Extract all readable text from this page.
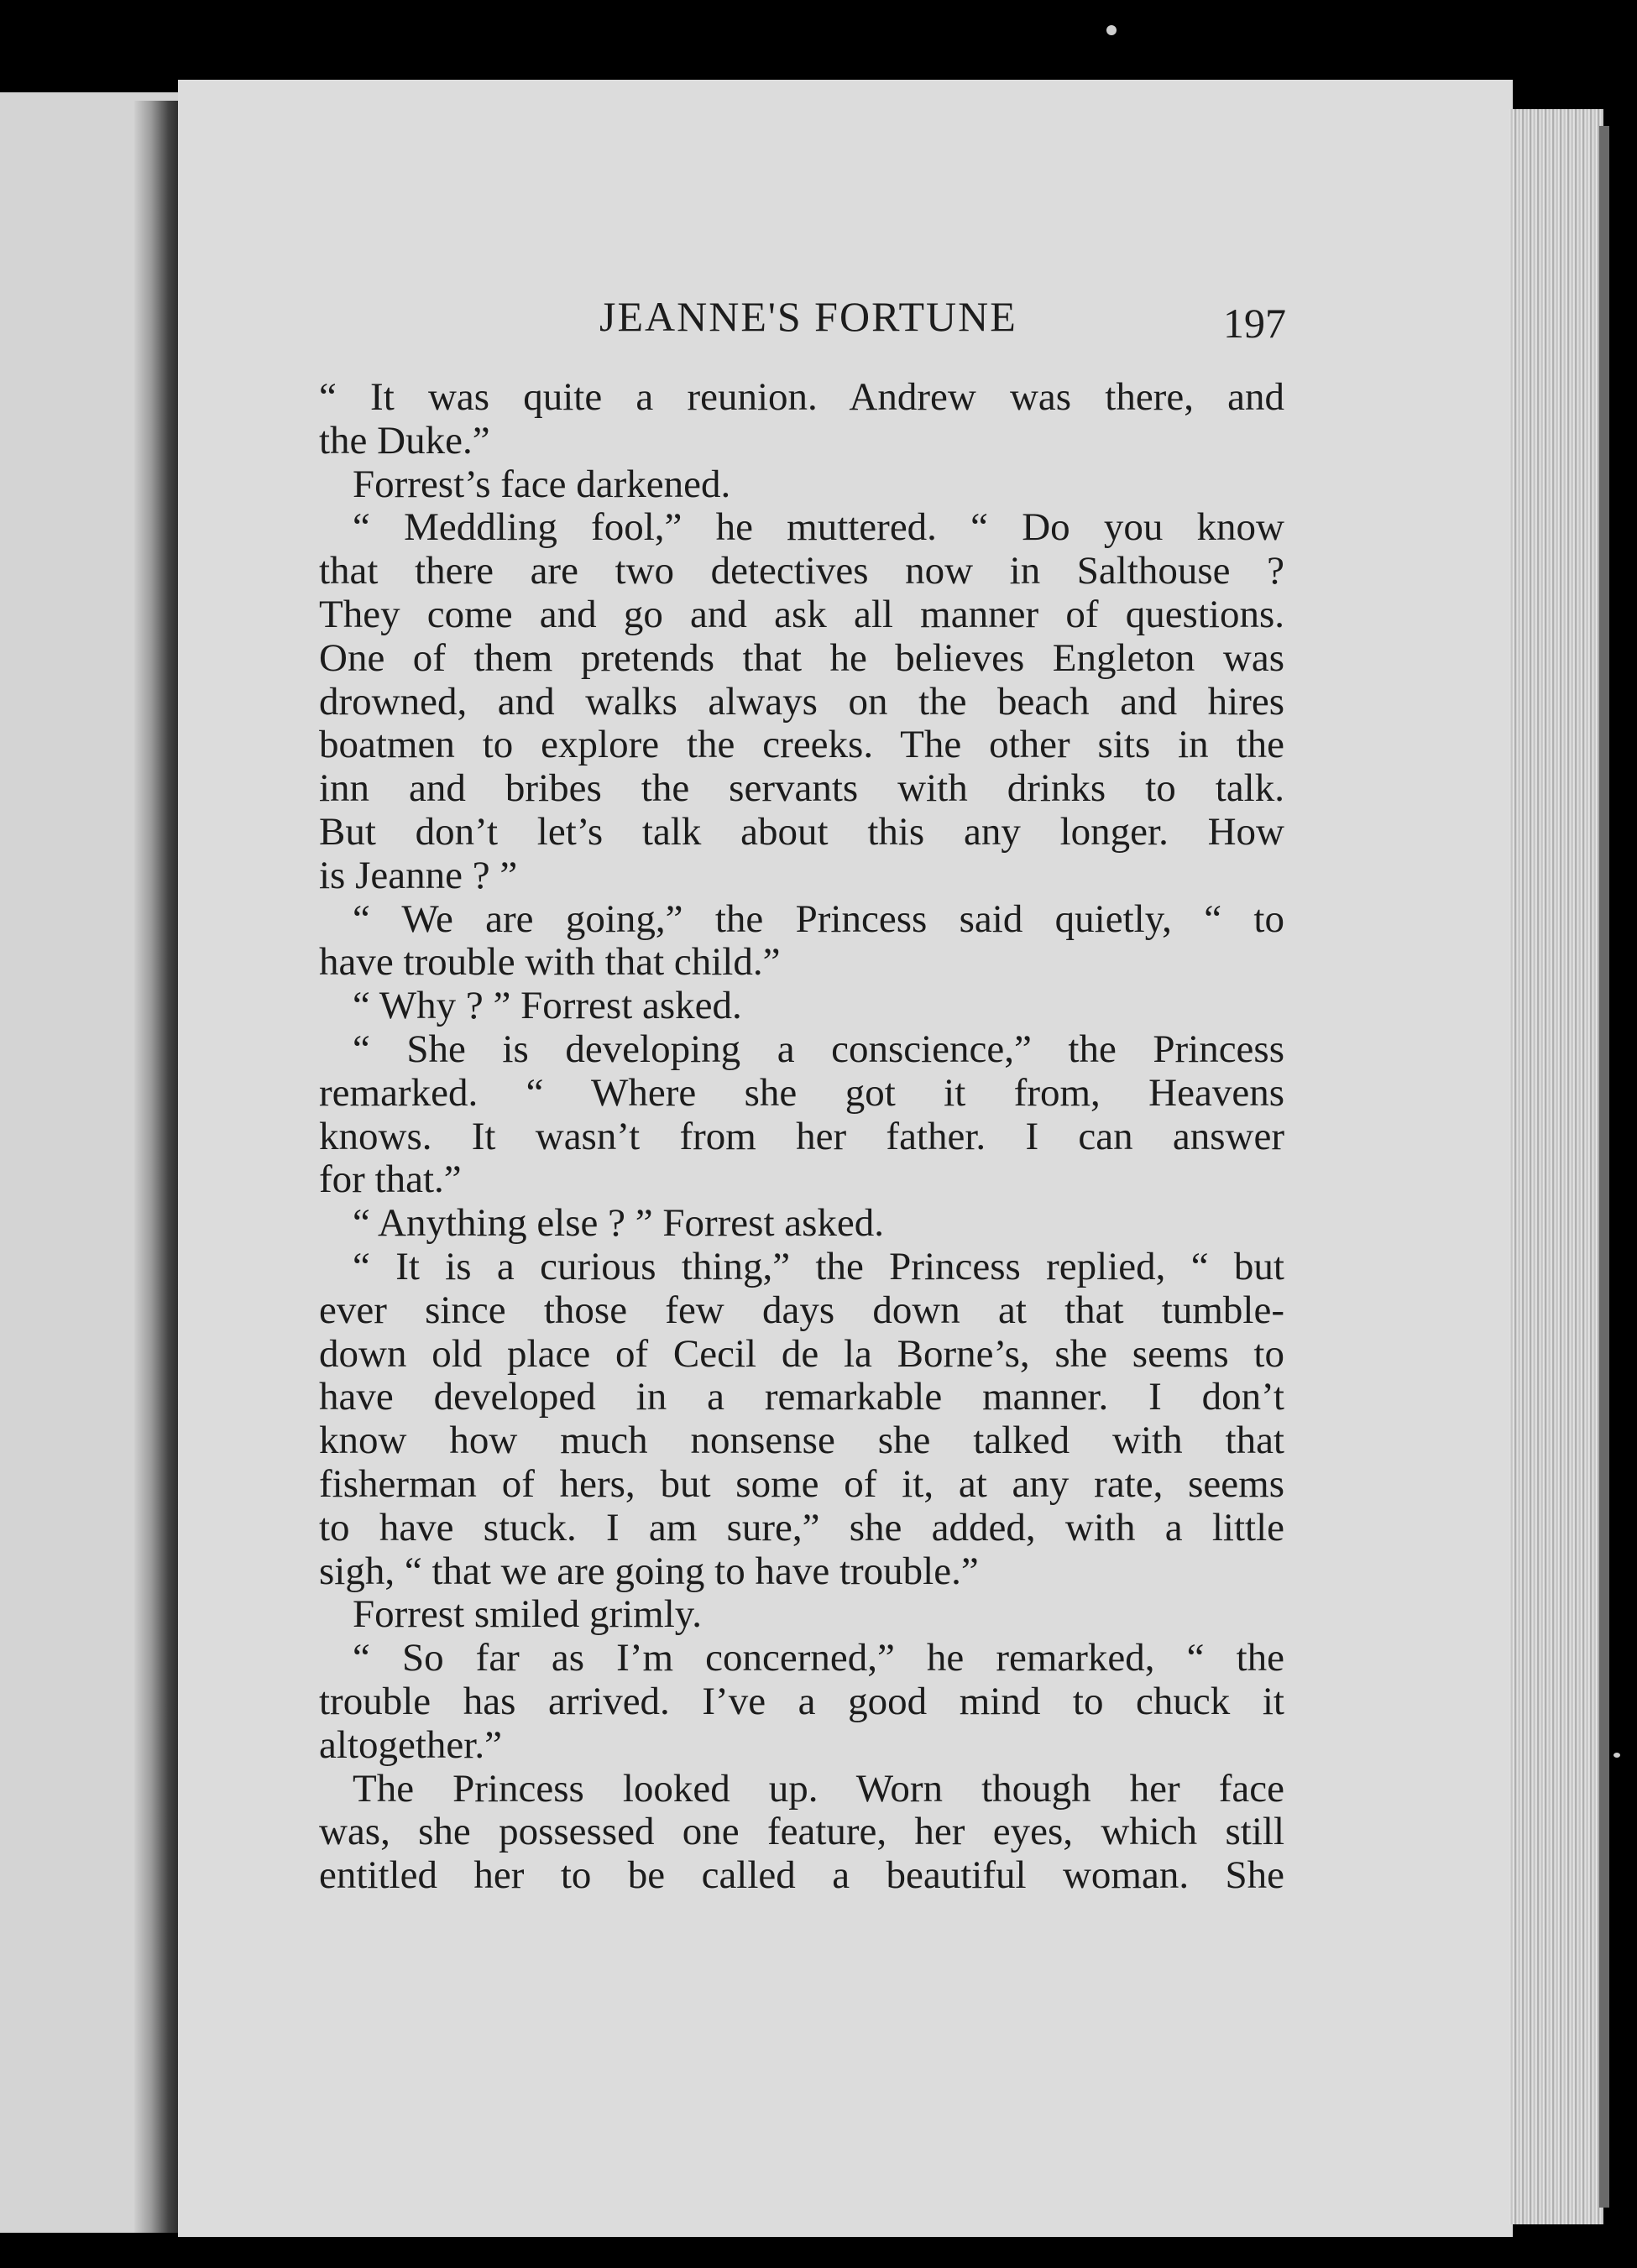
JEANNE'S FORTUNE	197
“ It was quite a reunion. Andrew was there, and
the Duke.”
Forrest’s face darkened.
“ Meddling fool,” he muttered. “ Do you know
that there are two detectives now in Salthouse ?
They come and go and ask all manner of questions.
One of them pretends that he believes Engleton was
drowned, and walks always on the beach and hires
boatmen to explore the creeks. The other sits in the
inn and bribes the servants with drinks to talk.
But don’t let’s talk about this any longer. How
is Jeanne ? ”
“ We are going,” the Princess said quietly, “ to
have trouble with that child.”
“ Why ? ” Forrest asked.
“ She is developing a conscience,” the Princess
remarked. “ Where she got it from, Heavens
knows. It wasn’t from her father. I can answer
for that.”
“ Anything else ? ” Forrest asked.
“ It is a curious thing,” the Princess replied, “ but
ever since those few days down at that tumble-
down old place of Cecil de la Borne’s, she seems to
have developed in a remarkable manner. I don’t
know how much nonsense she talked with that
fisherman of hers, but some of it, at any rate, seems
to have stuck. I am sure,” she added, with a little
sigh, “ that we are going to have trouble.”
Forrest smiled grimly.
“ So far as I’m concerned,” he remarked, “ the
trouble has arrived. I’ve a good mind to chuck it
altogether.”
The Princess looked up. Worn though her face
was, she possessed one feature, her eyes, which still
entitled her to be called a beautiful woman. She
